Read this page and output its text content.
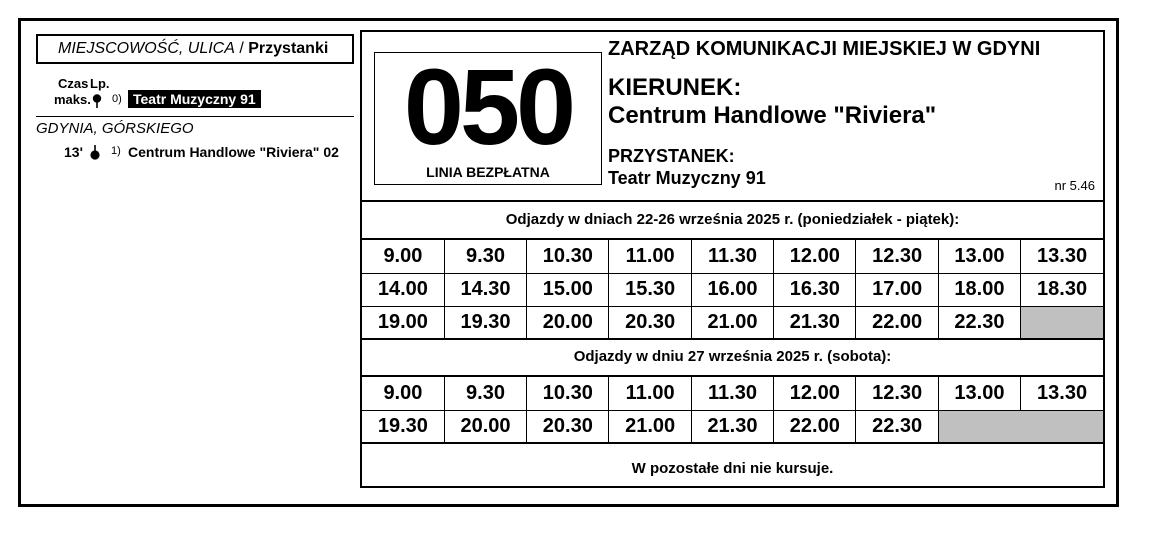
MIEJSCOWOŚĆ, ULICA / Przystanki
Czas Lp.
maks. 0) Teatr Muzyczny 91
GDYNIA, GÓRSKIEGO
13'	1) Centrum Handlowe "Riviera" 02 050
LINIA BEZPŁATNA
ZARZĄD KOMUNIKACJI MIEJSKIEJ W GDYNI
KIERUNEK:
Centrum Handlowe "Riviera"
PRZYSTANEK:
Teatr Muzyczny 91	nr 5.46
Odjazdy w dniach 22-26 września 2025 r. (poniedziałek - piątek):
9.00	9.30	10.30	11.00	11.30	12.00	12.30	13.00	13.30
14.00	14.30	15.00	15.30	16.00	16.30	17.00	18.00	18.30
19.00	19.30	20.00	20.30	21.00	21.30	22.00	22.30	
Odjazdy w dniu 27 września 2025 r. (sobota):
9.00	9.30	10.30	11.00	11.30	12.00	12.30	13.00	13.30
19.30	20.00	20.30	21.00	21.30	22.00	22.30		
W pozostałe dni nie kursuje.
